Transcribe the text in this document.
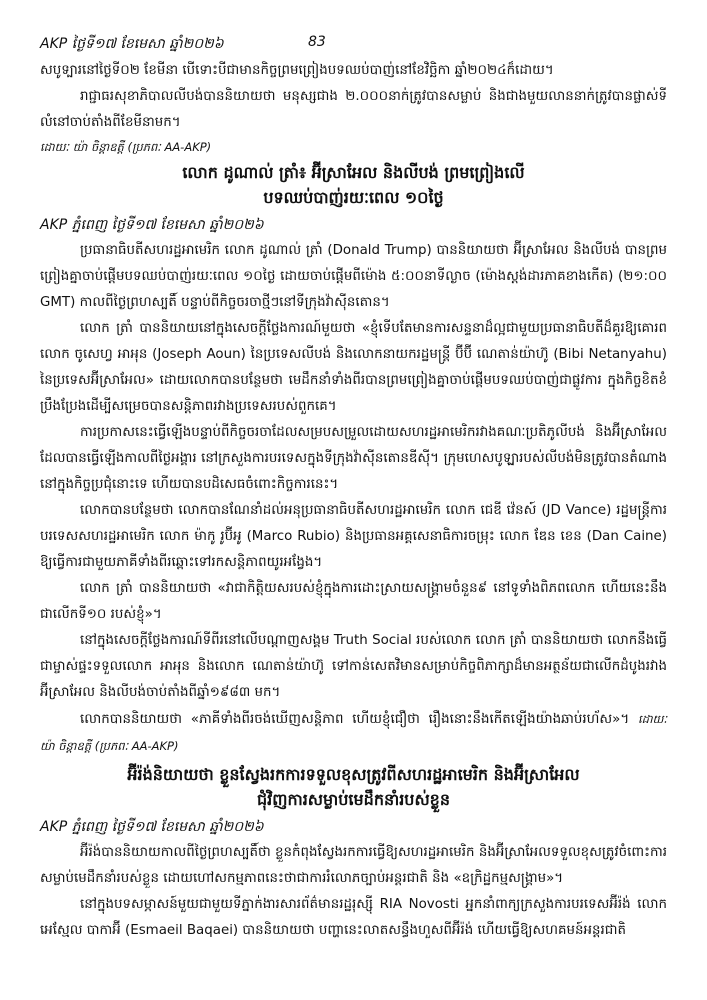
AKP ថ្ងៃទី១៧ ខែមេសា ឆ្នាំ២០២៦	83

សបូទ្បារនៅថ្ងៃទី០២ ខែមីនា បើទោះបីជាមានកិច្ចព្រមព្រៀងបទឈប់បាញ់នៅខែវិច្ឆិកា ឆ្នាំ២០២៤ក៏ដោយ។

រាជ្ជាធរសុខាភិបាលលីបង់បាននិយាយថា មនុស្សជាង ២.០០០នាក់ត្រូវបានសម្លាប់ និងជាងមួយលាននាក់ត្រូវបានផ្លាស់ទីលំនៅចាប់តាំងពីខែមីនាមក។

ដោយៈ យ៉ា ចិន្តាឧត្តី (ប្រភពៈ AA-AKP)
លោក ដូណាល់ ត្រាំ៖ អ៊ីស្រាអែល និងលីបង់ ព្រមព្រៀងលើ
បទឈប់បាញ់រយៈពេល ១០ថ្ងៃ
AKP ភ្នំពេញ ថ្ងៃទី១៧ ខែមេសា ឆ្នាំ២០២៦

ប្រធានាធិបតីសហរដ្ឋអាមេរិក លោក ដូណាល់ ត្រាំ (Donald Trump) បាននិយាយថា អ៊ីស្រាអែល និងលីបង់ បានព្រមព្រៀងគ្នាចាប់ផ្តើមបទឈប់បាញ់រយៈពេល ១០ថ្ងៃ ដោយចាប់ផ្តើមពីម៉ោង ៥:០០នាទីល្ងាច (ម៉ោងស្តង់ដារភាគខាងកើត) (២១:០០ GMT) កាលពីថ្ងៃព្រហស្បតិ៍ បន្ទាប់ពីកិច្ចចរចាថ្មីៗនៅទីក្រុងវ៉ាស៊ីនតោន។

លោក ត្រាំ បាននិយាយនៅក្នុងសេចក្តីថ្លែងការណ៍មួយថា «ខ្ញុំទើបតែមានការសន្ទនាដ៏ល្អជាមួយប្រធានាធិបតីដ៏គួរឱ្យគោរព លោក ចូសេហ្វ អាអុន (Joseph Aoun) នៃប្រទេសលីបង់ និងលោកនាយករដ្ឋមន្ត្រី ប៊ីប៊ី ណេតាន់យ៉ាហ៊ូ (Bibi Netanyahu) នៃប្រទេសអ៊ីស្រាអែល» ដោយលោកបានបន្ថែមថា មេដឹកនាំទាំងពីរបានព្រមព្រៀងគ្នាចាប់ផ្តើមបទឈប់បាញ់ជាផ្លូវការ ក្នុងកិច្ចខិតខំប្រឹងប្រែងដើម្បីសម្រេចបានសន្តិភាពរវាងប្រទេសរបស់ពួកគេ។

ការប្រកាសនេះធ្វើឡើងបន្ទាប់ពីកិច្ចចរចាដែលសម្របសម្រួលដោយសហរដ្ឋអាមេរិករវាងគណៈប្រតិភូលីបង់ និងអ៊ីស្រាអែល ដែលបានធ្វើឡើងកាលពីថ្ងៃអង្គារ នៅក្រសួងការបរទេសក្នុងទីក្រុងវ៉ាស៊ីនតោនឌីស៊ី។ ក្រុមហេសបូឡ្លារបស់លីបង់មិនត្រូវបានតំណាងនៅក្នុងកិច្ចប្រជុំនោះទេ ហើយបានបដិសេធចំពោះកិច្ចការនេះ។

លោកបានបន្ថែមថា លោកបានណែនាំដល់អនុប្រធានាធិបតីសហរដ្ឋអាមេរិក លោក ជេឌី វ៉េនស៍ (JD Vance) រដ្ឋមន្ត្រីការបរទេសសហរដ្ឋអាមេរិក លោក ម៉ាកូ រូប៊ីអូ (Marco Rubio) និងប្រធានអគ្គសេនាធិការចម្រុះ លោក ឌែន ខេន (Dan Caine) ឱ្យធ្វើការជាមួយភាគីទាំងពីរឆ្ពោះទៅរកសន្តិភាពយូរអង្វែង។

លោក ត្រាំ បាននិយាយថា «វាជាកិត្តិយសរបស់ខ្ញុំក្នុងការដោះស្រាយសង្គ្រាមចំនួន៩ នៅទូទាំងពិភពលោក ហើយនេះនឹងជាលើកទី១០ របស់ខ្ញុំ»។

នៅក្នុងសេចក្តីថ្លែងការណ៍ទីពីរនៅលើបណ្តាញសង្គម Truth Social របស់លោក លោក ត្រាំ បាននិយាយថា លោកនឹងធ្វើជាម្ចាស់ផ្ទះទទួលលោក អាអុន និងលោក ណេតាន់យ៉ាហ៊ូ ទៅកាន់សេតវិមានសម្រាប់កិច្ចពិភាក្សាដ៏មានអត្ថន័យជាលើកដំបូងរវាងអ៊ីស្រាអែល និងលីបង់ចាប់តាំងពីឆ្នាំ១៩៨៣ មក។

លោកបាននិយាយថា «ភាគីទាំងពីរចង់ឃើញសន្តិភាព ហើយខ្ញុំជឿថា រឿងនោះនឹងកើតឡើងយ៉ាងឆាប់រហ័ស»។ ដោយៈ យ៉ា ចិន្តាឧត្តី (ប្រភពៈ AA-AKP)

អ៊ីរ៉ង់និយាយថា ខ្លួនស្វែងរកការទទួលខុសត្រូវពីសហរដ្ឋអាមេរិក និងអ៊ីស្រាអែល
ជុំវិញការសម្លាប់មេដឹកនាំរបស់ខ្លួន
AKP ភ្នំពេញ ថ្ងៃទី១៧ ខែមេសា ឆ្នាំ២០២៦

អ៊ីរ៉ង់បាននិយាយកាលពីថ្ងៃព្រហស្បតិ៍ថា ខ្លួនកំពុងស្វែងរកការធ្វើឱ្យសហរដ្ឋអាមេរិក និងអ៊ីស្រាអែលទទួលខុសត្រូវចំពោះការសម្លាប់មេដឹកនាំរបស់ខ្លួន ដោយហៅសកម្មភាពនេះថាជាការរំលោភច្បាប់អន្តរជាតិ និង «ឧក្រិដ្ឋកម្មសង្គ្រាម»។

នៅក្នុងបទសម្ភាសន៍មួយជាមួយទីភ្នាក់ងារសារព័ត៌មានរដ្ឋរុស្ស៊ី RIA Novosti អ្នកនាំពាក្យក្រសួងការបរទេសអ៊ីរ៉ង់ លោក អេស្មែល បាកាអ៊ី (Esmaeil Baqaei) បាននិយាយថា បញ្ហានេះលាតសន្ធឹងហួសពីអ៊ីរ៉ង់ ហើយធ្វើឱ្យសហគមន៍អន្តរជាតិ
